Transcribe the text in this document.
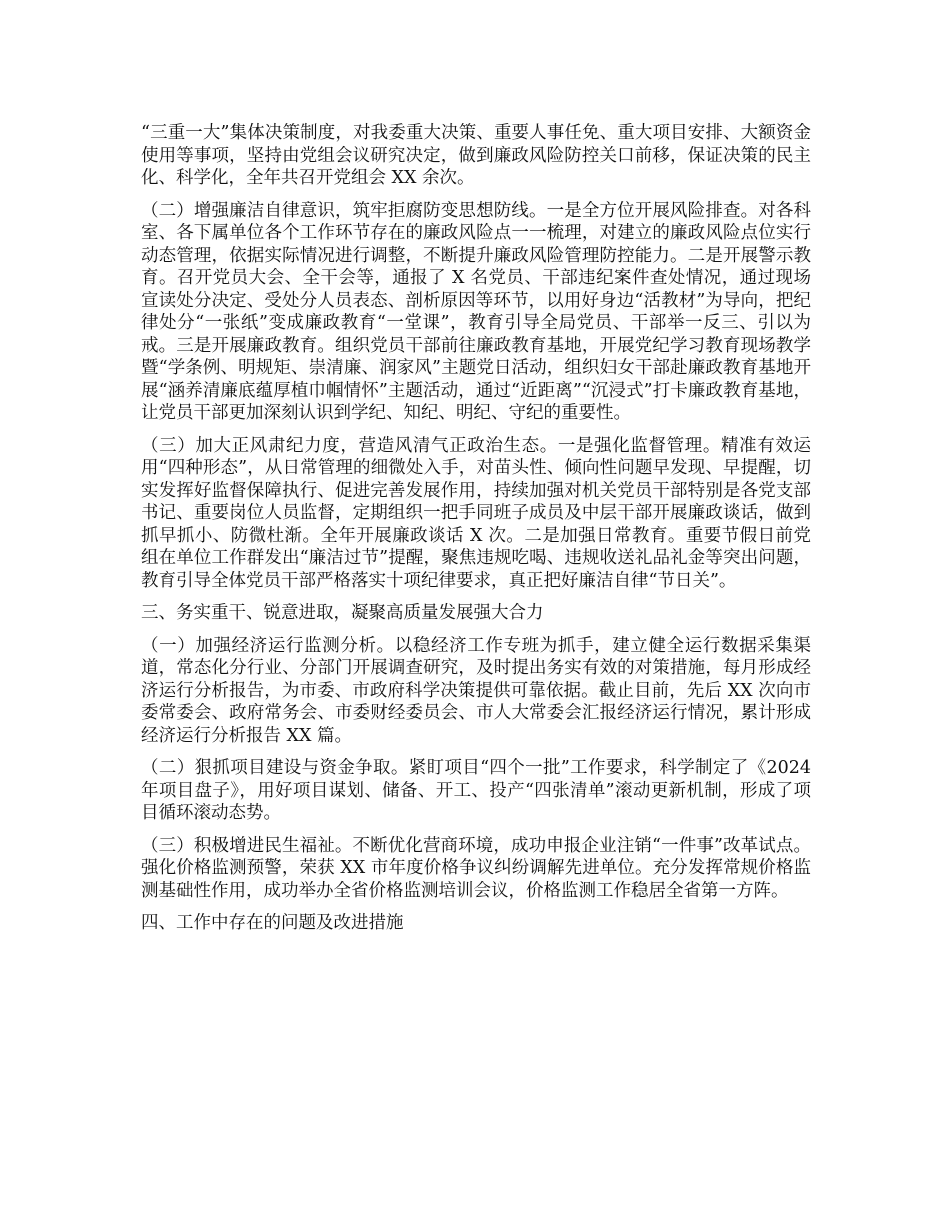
“三重一大”集体决策制度，对我委重大决策、重要人事任免、重大项目安排、大额资金使用等事项，坚持由党组会议研究决定，做到廉政风险防控关口前移，保证决策的民主化、科学化，全年共召开党组会 XX 余次。

（二）增强廉洁自律意识，筑牢拒腐防变思想防线。一是全方位开展风险排查。对各科室、各下属单位各个工作环节存在的廉政风险点一一梳理，对建立的廉政风险点位实行动态管理，依据实际情况进行调整，不断提升廉政风险管理防控能力。二是开展警示教育。召开党员大会、全干会等，通报了 X 名党员、干部违纪案件查处情况，通过现场宣读处分决定、受处分人员表态、剖析原因等环节，以用好身边“活教材”为导向，把纪律处分“一张纸”变成廉政教育“一堂课”，教育引导全局党员、干部举一反三、引以为戒。三是开展廉政教育。组织党员干部前往廉政教育基地，开展党纪学习教育现场教学暨“学条例、明规矩、崇清廉、润家风”主题党日活动，组织妇女干部赴廉政教育基地开展“涵养清廉底蕴厚植巾帼情怀”主题活动，通过“近距离”“沉浸式”打卡廉政教育基地，让党员干部更加深刻认识到学纪、知纪、明纪、守纪的重要性。

（三）加大正风肃纪力度，营造风清气正政治生态。一是强化监督管理。精准有效运用“四种形态”，从日常管理的细微处入手，对苗头性、倾向性问题早发现、早提醒，切实发挥好监督保障执行、促进完善发展作用，持续加强对机关党员干部特别是各党支部书记、重要岗位人员监督，定期组织一把手同班子成员及中层干部开展廉政谈话，做到抓早抓小、防微杜渐。全年开展廉政谈话 X 次。二是加强日常教育。重要节假日前党组在单位工作群发出“廉洁过节”提醒，聚焦违规吃喝、违规收送礼品礼金等突出问题，教育引导全体党员干部严格落实十项纪律要求，真正把好廉洁自律“节日关”。

三、务实重干、锐意进取，凝聚高质量发展强大合力

（一）加强经济运行监测分析。以稳经济工作专班为抓手，建立健全运行数据采集渠道，常态化分行业、分部门开展调查研究，及时提出务实有效的对策措施，每月形成经济运行分析报告，为市委、市政府科学决策提供可靠依据。截止目前，先后 XX 次向市委常委会、政府常务会、市委财经委员会、市人大常委会汇报经济运行情况，累计形成经济运行分析报告 XX 篇。

（二）狠抓项目建设与资金争取。紧盯项目“四个一批”工作要求，科学制定了《2024 年项目盘子》，用好项目谋划、储备、开工、投产“四张清单”滚动更新机制，形成了项目循环滚动态势。

（三）积极增进民生福祉。不断优化营商环境，成功申报企业注销“一件事”改革试点。强化价格监测预警，荣获 XX 市年度价格争议纠纷调解先进单位。充分发挥常规价格监测基础性作用，成功举办全省价格监测培训会议，价格监测工作稳居全省第一方阵。

四、工作中存在的问题及改进措施
